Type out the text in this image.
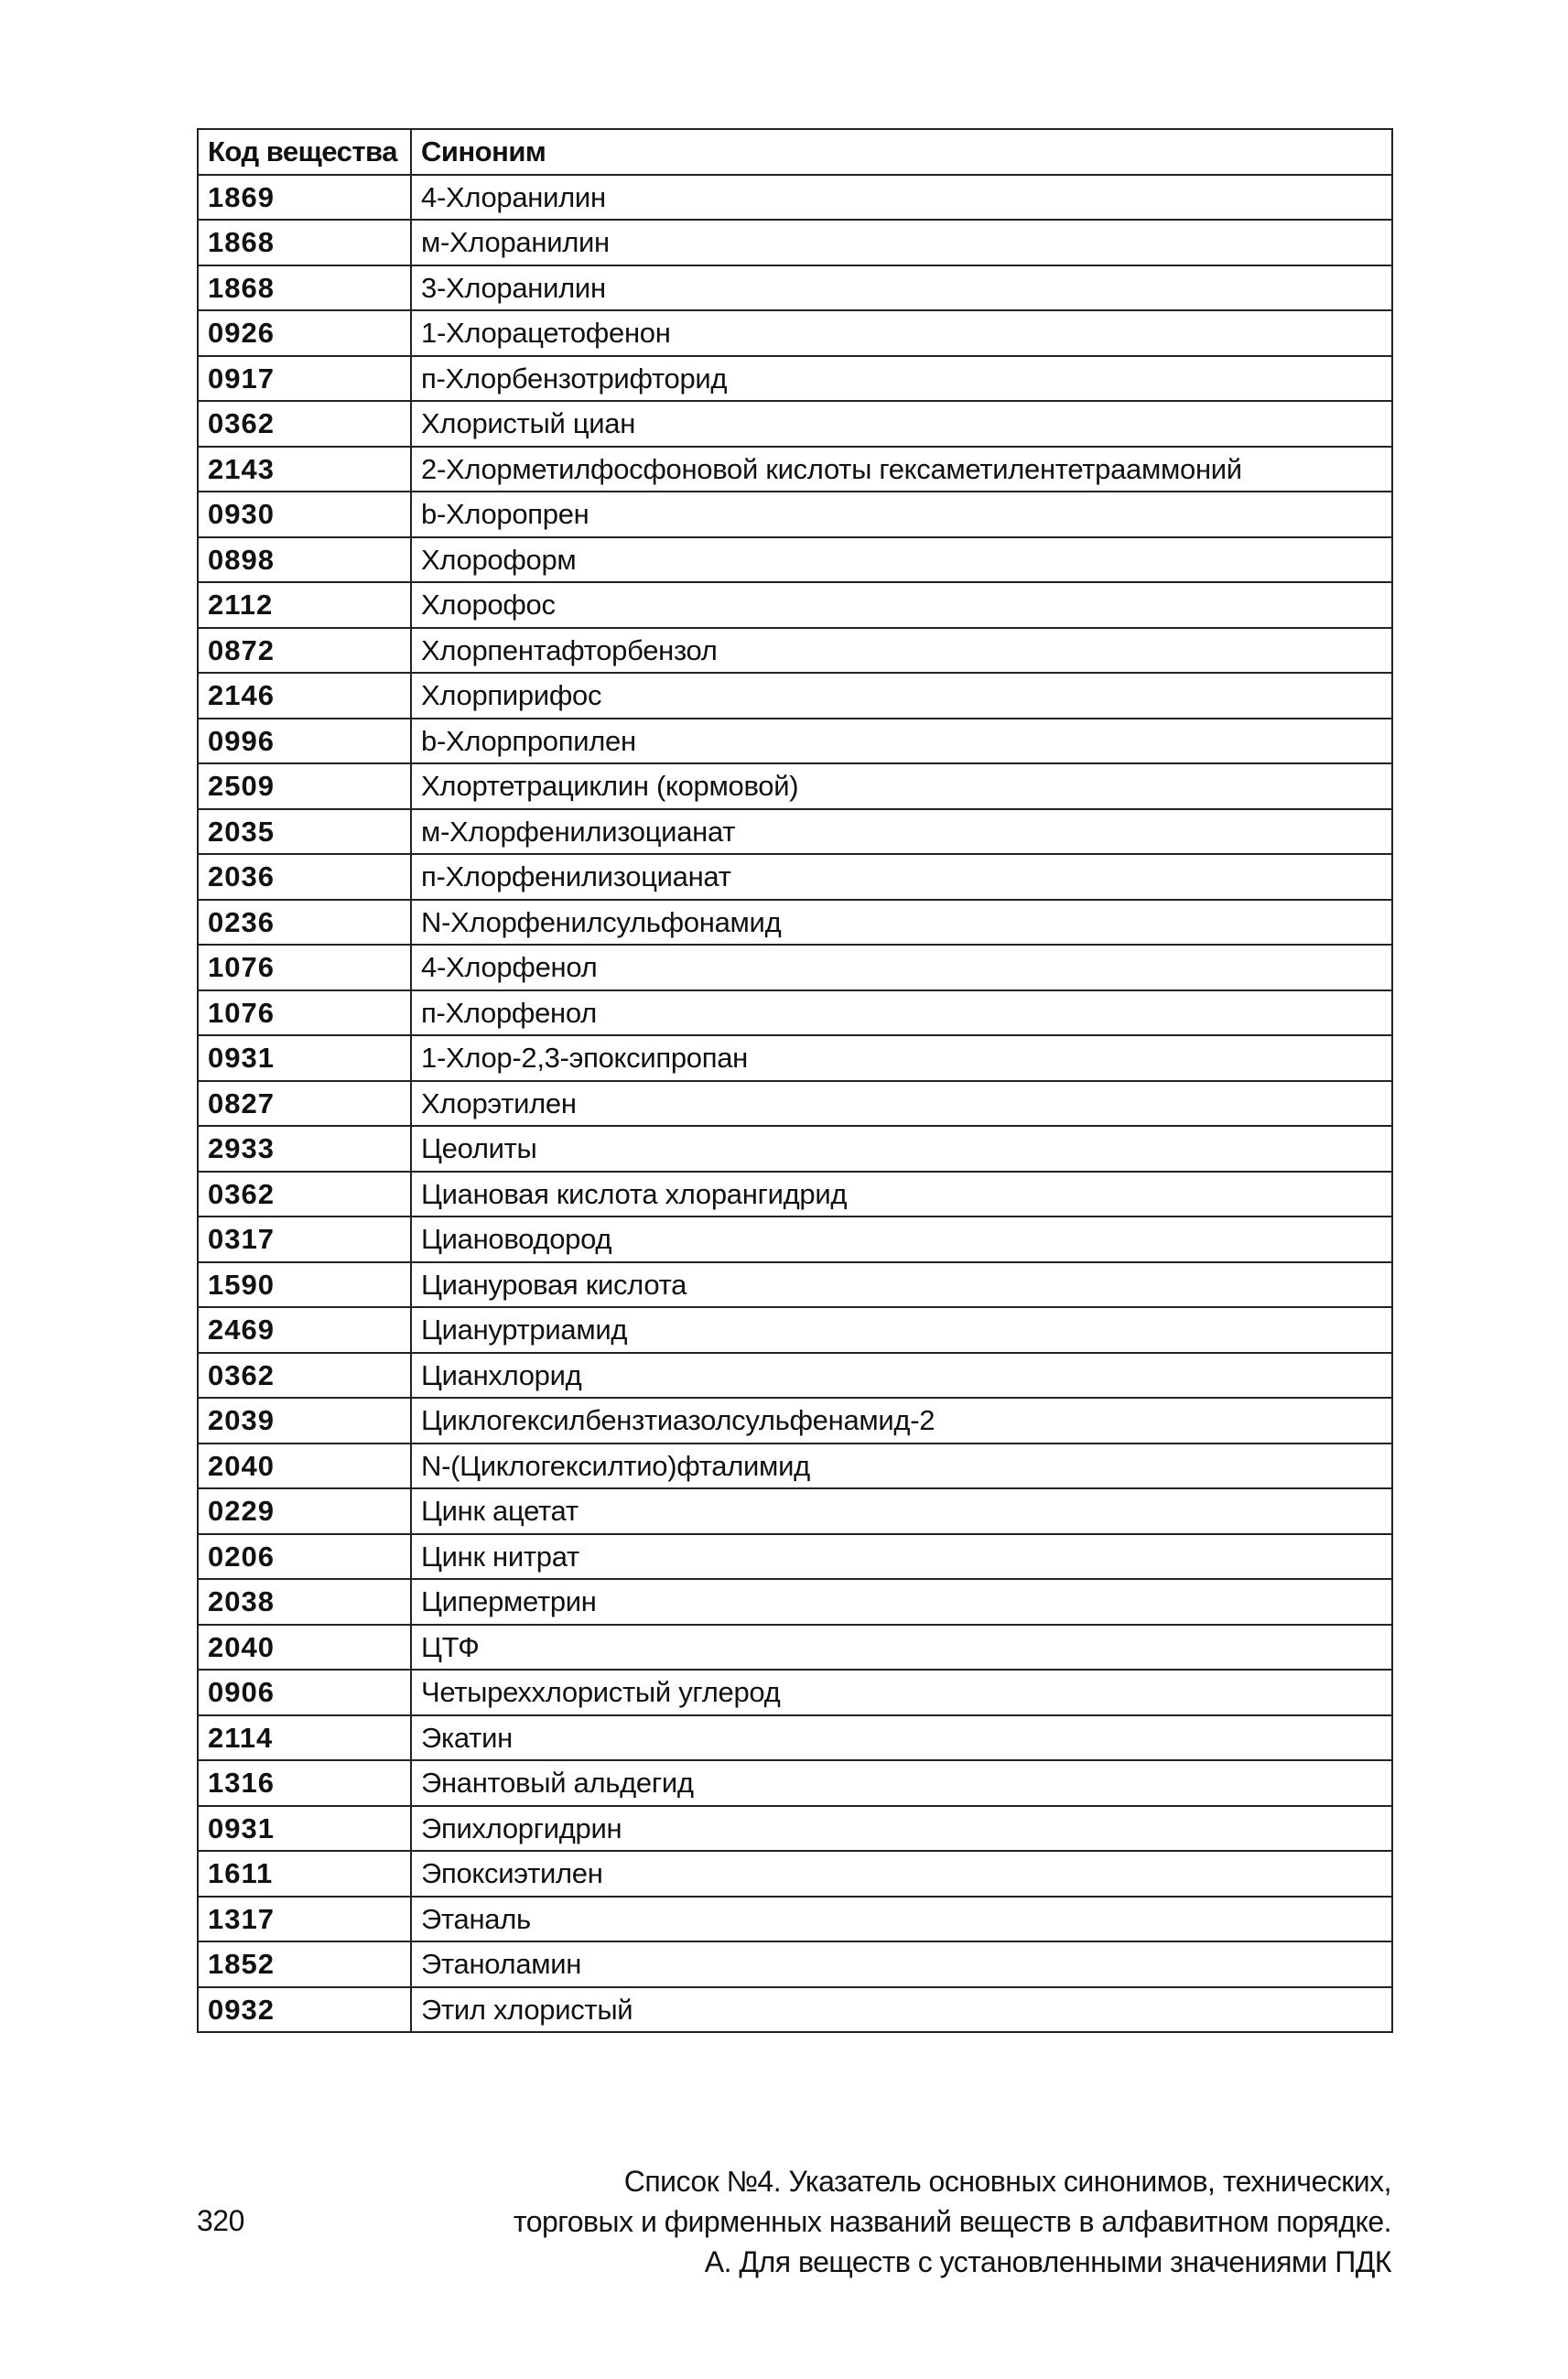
Код вещества	Синоним
1869	4-Хлоранилин
1868	м-Хлоранилин
1868	3-Хлоранилин
0926	1-Хлорацетофенон
0917	п-Хлорбензотрифторид
0362	Хлористый циан
2143	2-Хлорметилфосфоновой кислоты гексаметилентетрааммоний
0930	b-Хлоропрен
0898	Хлороформ
2112	Хлорофос
0872	Хлорпентафторбензол
2146	Хлорпирифос
0996	b-Хлорпропилен
2509	Хлортетрациклин (кормовой)
2035	м-Хлорфенилизоцианат
2036	п-Хлорфенилизоцианат
0236	N-Хлорфенилсульфонамид
1076	4-Хлорфенол
1076	п-Хлорфенол
0931	1-Хлор-2,3-эпоксипропан
0827	Хлорэтилен
2933	Цеолиты
0362	Циановая кислота хлорангидрид
0317	Циановодород
1590	Циануровая кислота
2469	Циануртриамид
0362	Цианхлорид
2039	Циклогексилбензтиазолсульфенамид-2
2040	N-(Циклогексилтио)фталимид
0229	Цинк ацетат
0206	Цинк нитрат
2038	Циперметрин
2040	ЦТФ
0906	Четыреххлористый углерод
2114	Экатин
1316	Энантовый альдегид
0931	Эпихлоргидрин
1611	Эпоксиэтилен
1317	Этаналь
1852	Этаноламин
0932	Этил хлористый
320
Список №4. Указатель основных синонимов, технических,
торговых и фирменных названий веществ в алфавитном порядке.
А. Для веществ с установленными значениями ПДК
